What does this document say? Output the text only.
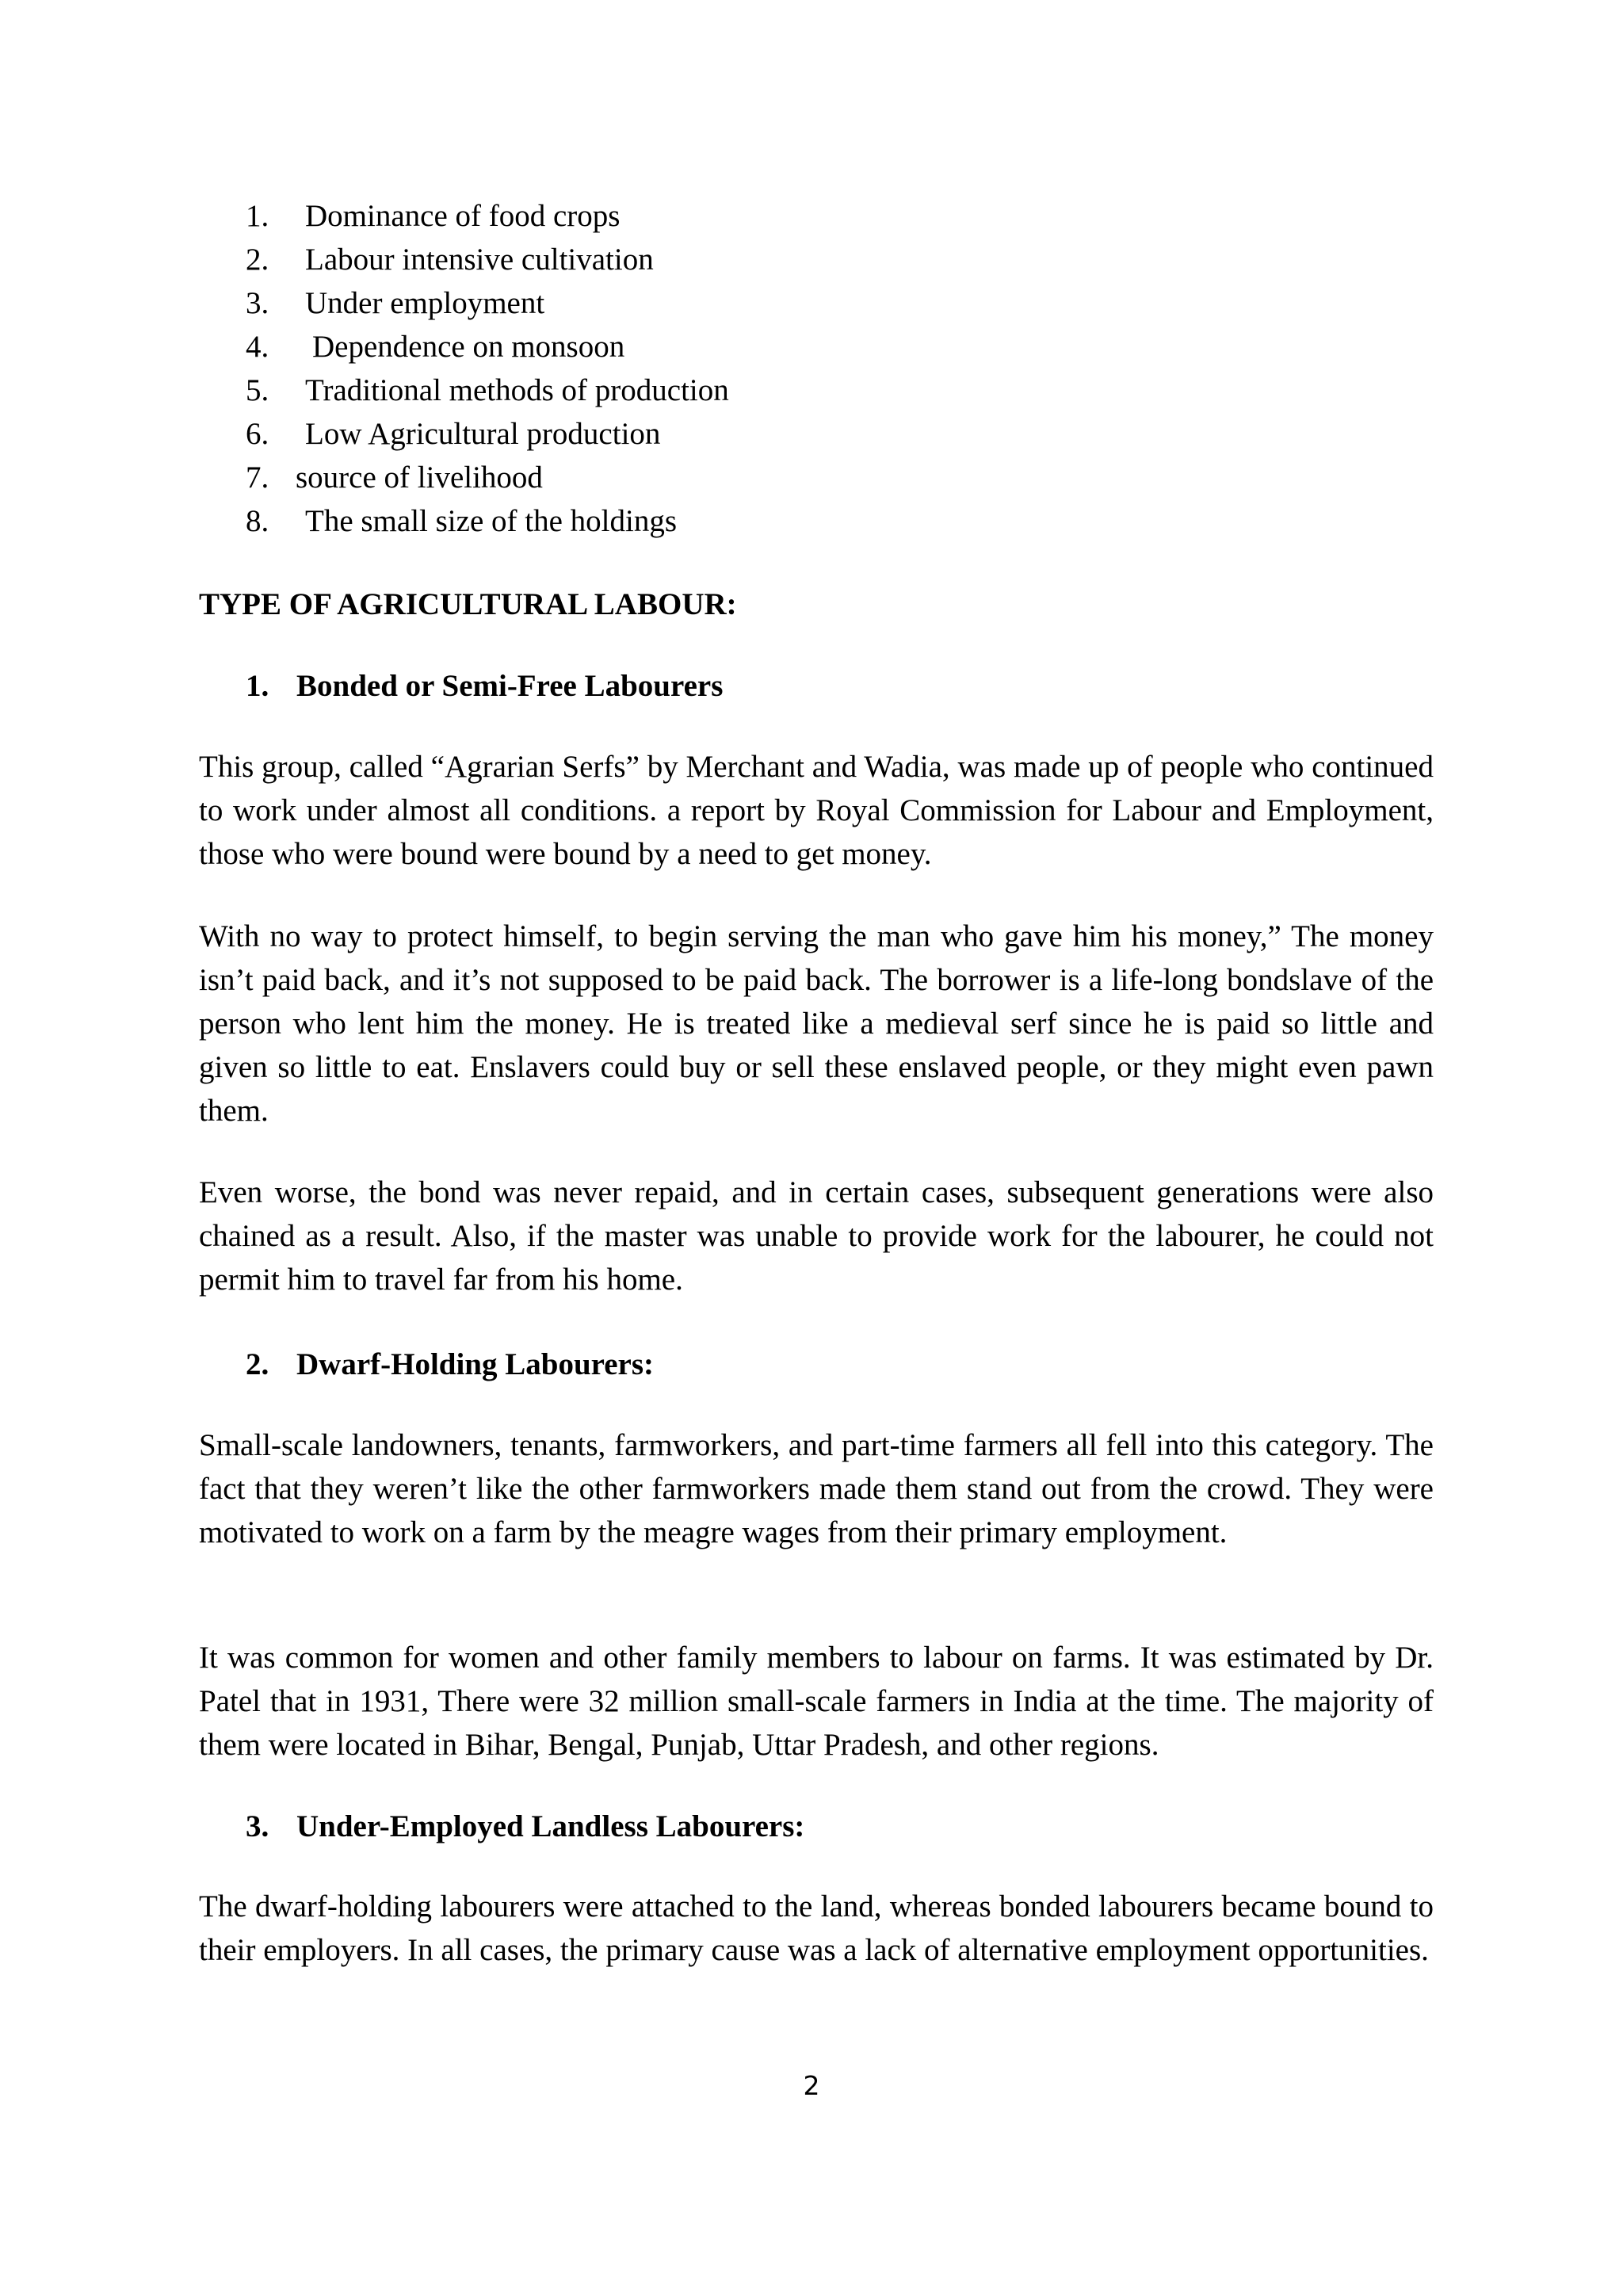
1. Dominance of food crops
2. Labour intensive cultivation
3. Under employment
4. Dependence on monsoon
5. Traditional methods of production
6. Low Agricultural production
7. source of livelihood
8. The small size of the holdings
TYPE OF AGRICULTURAL LABOUR:
1. Bonded or Semi-Free Labourers

This group, called “Agrarian Serfs” by Merchant and Wadia, was made up of people who continued to work under almost all conditions. a report by Royal Commission for Labour and Employment, those who were bound were bound by a need to get money.

With no way to protect himself, to begin serving the man who gave him his money,” The money isn’t paid back, and it’s not supposed to be paid back. The borrower is a life-long bondslave of the person who lent him the money. He is treated like a medieval serf since he is paid so little and given so little to eat. Enslavers could buy or sell these enslaved people, or they might even pawn them.

Even worse, the bond was never repaid, and in certain cases, subsequent generations were also chained as a result. Also, if the master was unable to provide work for the labourer, he could not permit him to travel far from his home.

2. Dwarf-Holding Labourers:

Small-scale landowners, tenants, farmworkers, and part-time farmers all fell into this category. The fact that they weren’t like the other farmworkers made them stand out from the crowd. They were motivated to work on a farm by the meagre wages from their primary employment.

It was common for women and other family members to labour on farms. It was estimated by Dr. Patel that in 1931, There were 32 million small-scale farmers in India at the time. The majority of them were located in Bihar, Bengal, Punjab, Uttar Pradesh, and other regions.

3. Under-Employed Landless Labourers:

The dwarf-holding labourers were attached to the land, whereas bonded labourers became bound to their employers. In all cases, the primary cause was a lack of alternative employment opportunities.

2
